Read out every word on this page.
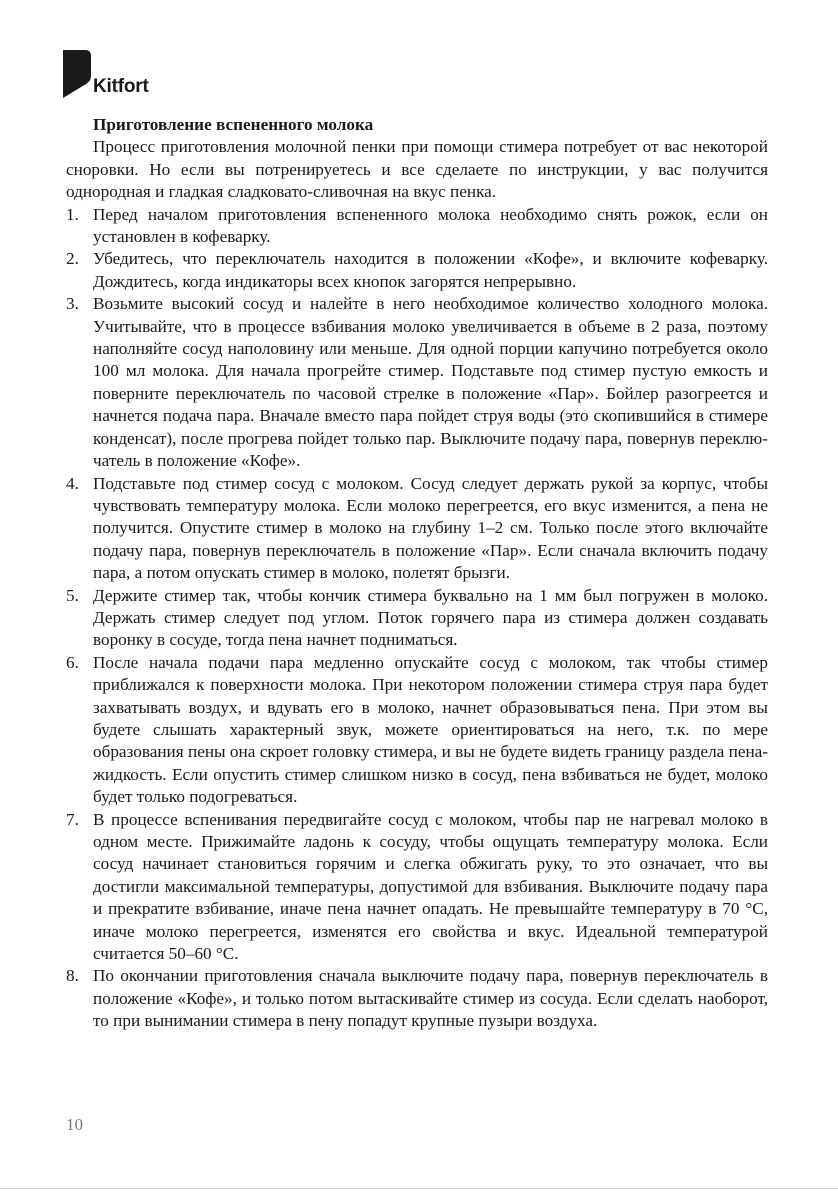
Kitfort

Приготовление вспененного молока

Процесс приготовления молочной пенки при помощи стимера потребует от вас некоторой сноровки. Но если вы потренируетесь и все сделаете по инструкции, у вас получится однородная и гладкая сладковато-сливочная на вкус пенка.

1. Перед началом приготовления вспененного молока необходимо снять рожок, если он установлен в кофеварку.
2. Убедитесь, что переключатель находится в положении «Кофе», и включите кофеварку. Дождитесь, когда индикаторы всех кнопок загорятся непрерывно.
3. Возьмите высокий сосуд и налейте в него необходимое количество холодного молока. Учитывайте, что в процессе взбивания молоко увеличивается в объеме в 2 раза, поэтому наполняйте сосуд наполовину или меньше. Для одной порции капучино потребуется около 100 мл молока. Для начала прогрейте стимер. Подставьте под стимер пустую емкость и поверните переключатель по часовой стрелке в положение «Пар». Бойлер разогреется и начнется подача пара. Вначале вместо пара пойдет струя воды (это скопившийся в стимере конденсат), после прогрева пойдет только пар. Выключите подачу пара, повернув переключатель в положение «Кофе».
4. Подставьте под стимер сосуд с молоком. Сосуд следует держать рукой за корпус, чтобы чувствовать температуру молока. Если молоко перегреется, его вкус изменится, а пена не получится. Опустите стимер в молоко на глубину 1–2 см. Только после этого включайте подачу пара, повернув переключатель в положение «Пар». Если сначала включить подачу пара, а потом опускать стимер в молоко, полетят брызги.
5. Держите стимер так, чтобы кончик стимера буквально на 1 мм был погружен в молоко. Держать стимер следует под углом. Поток горячего пара из стимера должен создавать воронку в сосуде, тогда пена начнет подниматься.
6. После начала подачи пара медленно опускайте сосуд с молоком, так чтобы стимер приближался к поверхности молока. При некотором положении стимера струя пара будет захватывать воздух, и вдувать его в молоко, начнет образовываться пена. При этом вы будете слышать характерный звук, можете ориентироваться на него, т.к. по мере образования пены она скроет головку стимера, и вы не будете видеть границу раздела пена-жидкость. Если опустить стимер слишком низко в сосуд, пена взбиваться не будет, молоко будет только подогреваться.
7. В процессе вспенивания передвигайте сосуд с молоком, чтобы пар не нагревал молоко в одном месте. Прижимайте ладонь к сосуду, чтобы ощущать температуру молока. Если сосуд начинает становиться горячим и слегка обжигать руку, то это означает, что вы достигли максимальной температуры, допустимой для взбивания. Выключите подачу пара и прекратите взбивание, иначе пена начнет опадать. Не превышайте температуру в 70 °С, иначе молоко перегреется, изменятся его свойства и вкус. Идеальной температурой считается 50–60 °С.
8. По окончании приготовления сначала выключите подачу пара, повернув переключатель в положение «Кофе», и только потом вытаскивайте стимер из сосуда. Если сделать наоборот, то при вынимании стимера в пену попадут крупные пузыри воздуха.
10
